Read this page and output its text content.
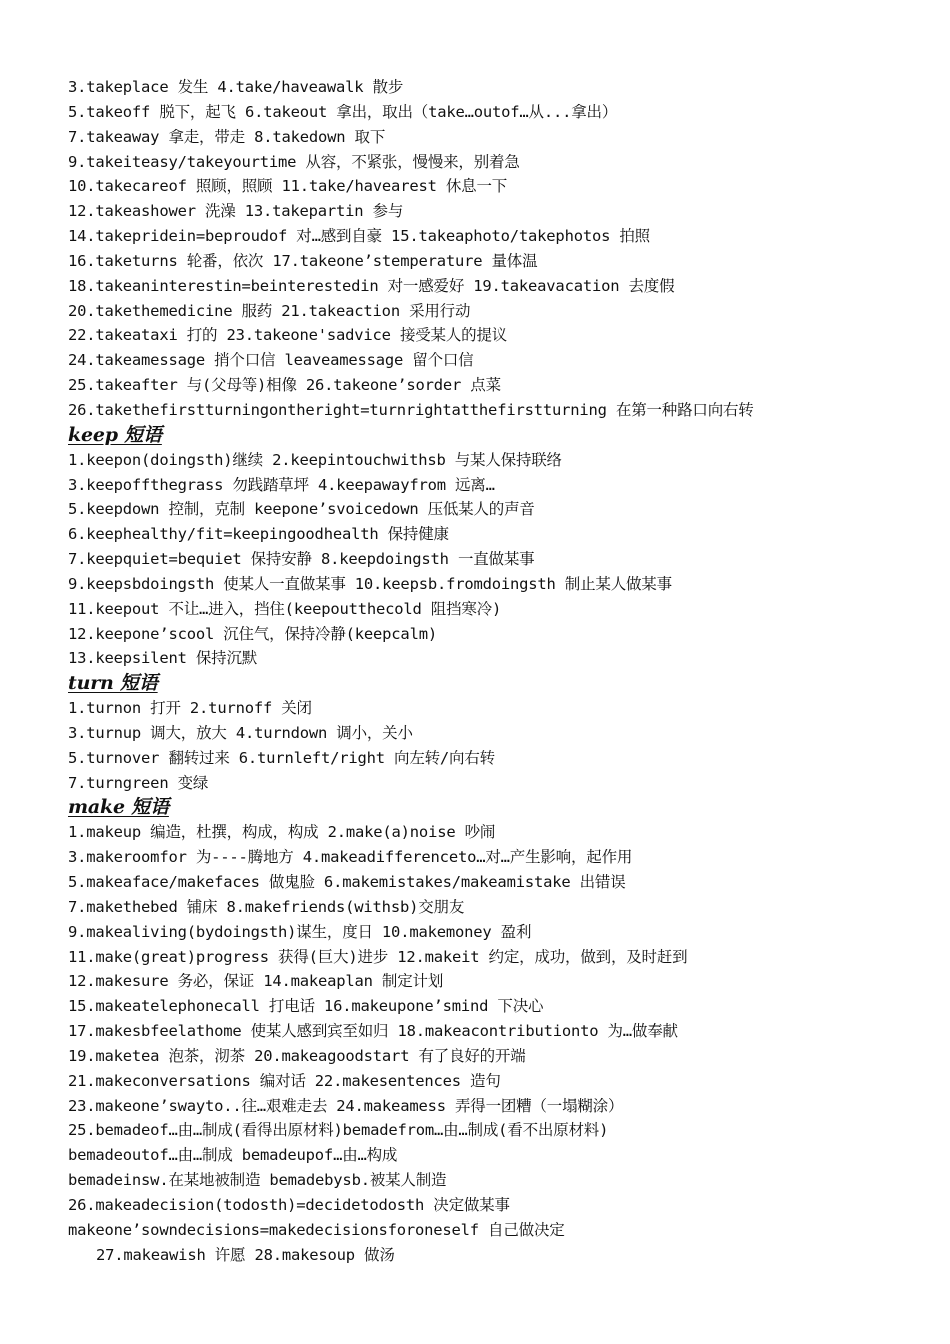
3.takeplace 发生 4.take/haveawalk 散步
5.takeoff 脱下，起飞 6.takeout 拿出，取出（take…outof…从...拿出）
7.takeaway 拿走，带走 8.takedown 取下
9.takeiteasy/takeyourtime 从容，不紧张，慢慢来，别着急
10.takecareof 照顾，照顾 11.take/havearest 休息一下
12.takeashower 洗澡 13.takepartin 参与
14.takepridein=beproudof 对…感到自豪 15.takeaphoto/takephotos 拍照
16.taketurns 轮番，依次 17.takeone’stemperature 量体温
18.takeaninterestin=beinterestedin 对一感爱好 19.takeavacation 去度假
20.takethemedicine 服药 21.takeaction 采用行动
22.takeataxi 打的 23.takeone'sadvice 接受某人的提议
24.takeamessage 捎个口信 leaveamessage 留个口信
25.takeafter 与(父母等)相像 26.takeone’sorder 点菜
26.takethefirstturningontheright=turnrightatthefirstturning 在第一种路口向右转
keep 短语
1.keepon(doingsth)继续 2.keepintouchwithsb 与某人保持联络
3.keepoffthegrass 勿践踏草坪 4.keepawayfrom 远离…
5.keepdown 控制，克制 keepone’svoicedown 压低某人的声音
6.keephealthy/fit=keepingoodhealth 保持健康
7.keepquiet=bequiet 保持安静 8.keepdoingsth 一直做某事
9.keepsbdoingsth 使某人一直做某事 10.keepsb.fromdoingsth 制止某人做某事
11.keepout 不让…进入，挡住(keepoutthecold 阻挡寒冷)
12.keepone’scool 沉住气，保持冷静(keepcalm)
13.keepsilent 保持沉默
turn 短语
1.turnon 打开 2.turnoff 关闭
3.turnup 调大，放大 4.turndown 调小，关小
5.turnover 翻转过来 6.turnleft/right 向左转/向右转
7.turngreen 变绿
make 短语
1.makeup 编造，杜撰，构成，构成 2.make(a)noise 吵闹
3.makeroomfor 为----腾地方 4.makeadifferenceto…对…产生影响，起作用
5.makeaface/makefaces 做鬼脸 6.makemistakes/makeamistake 出错误
7.makethebed 铺床 8.makefriends(withsb)交朋友
9.makealiving(bydoingsth)谋生，度日 10.makemoney 盈利
11.make(great)progress 获得(巨大)进步 12.makeit 约定，成功，做到，及时赶到
12.makesure 务必，保证 14.makeaplan 制定计划
15.makeatelephonecall 打电话 16.makeupone’smind 下决心
17.makesbfeelathome 使某人感到宾至如归 18.makeacontributionto 为…做奉献
19.maketea 泡茶，沏茶 20.makeagoodstart 有了良好的开端
21.makeconversations 编对话 22.makesentences 造句
23.makeone’swayto..往…艰难走去 24.makeamess 弄得一团糟（一塌糊涂）
25.bemadeof…由…制成(看得出原材料)bemadefrom…由…制成(看不出原材料)
bemadeoutof…由…制成 bemadeupof…由…构成
bemadeinsw.在某地被制造 bemadebysb.被某人制造
26.makeadecision(todosth)=decidetodosth 决定做某事
makeone’sowndecisions=makedecisionsforoneself 自己做决定
27.makeawish 许愿 28.makesoup 做汤
